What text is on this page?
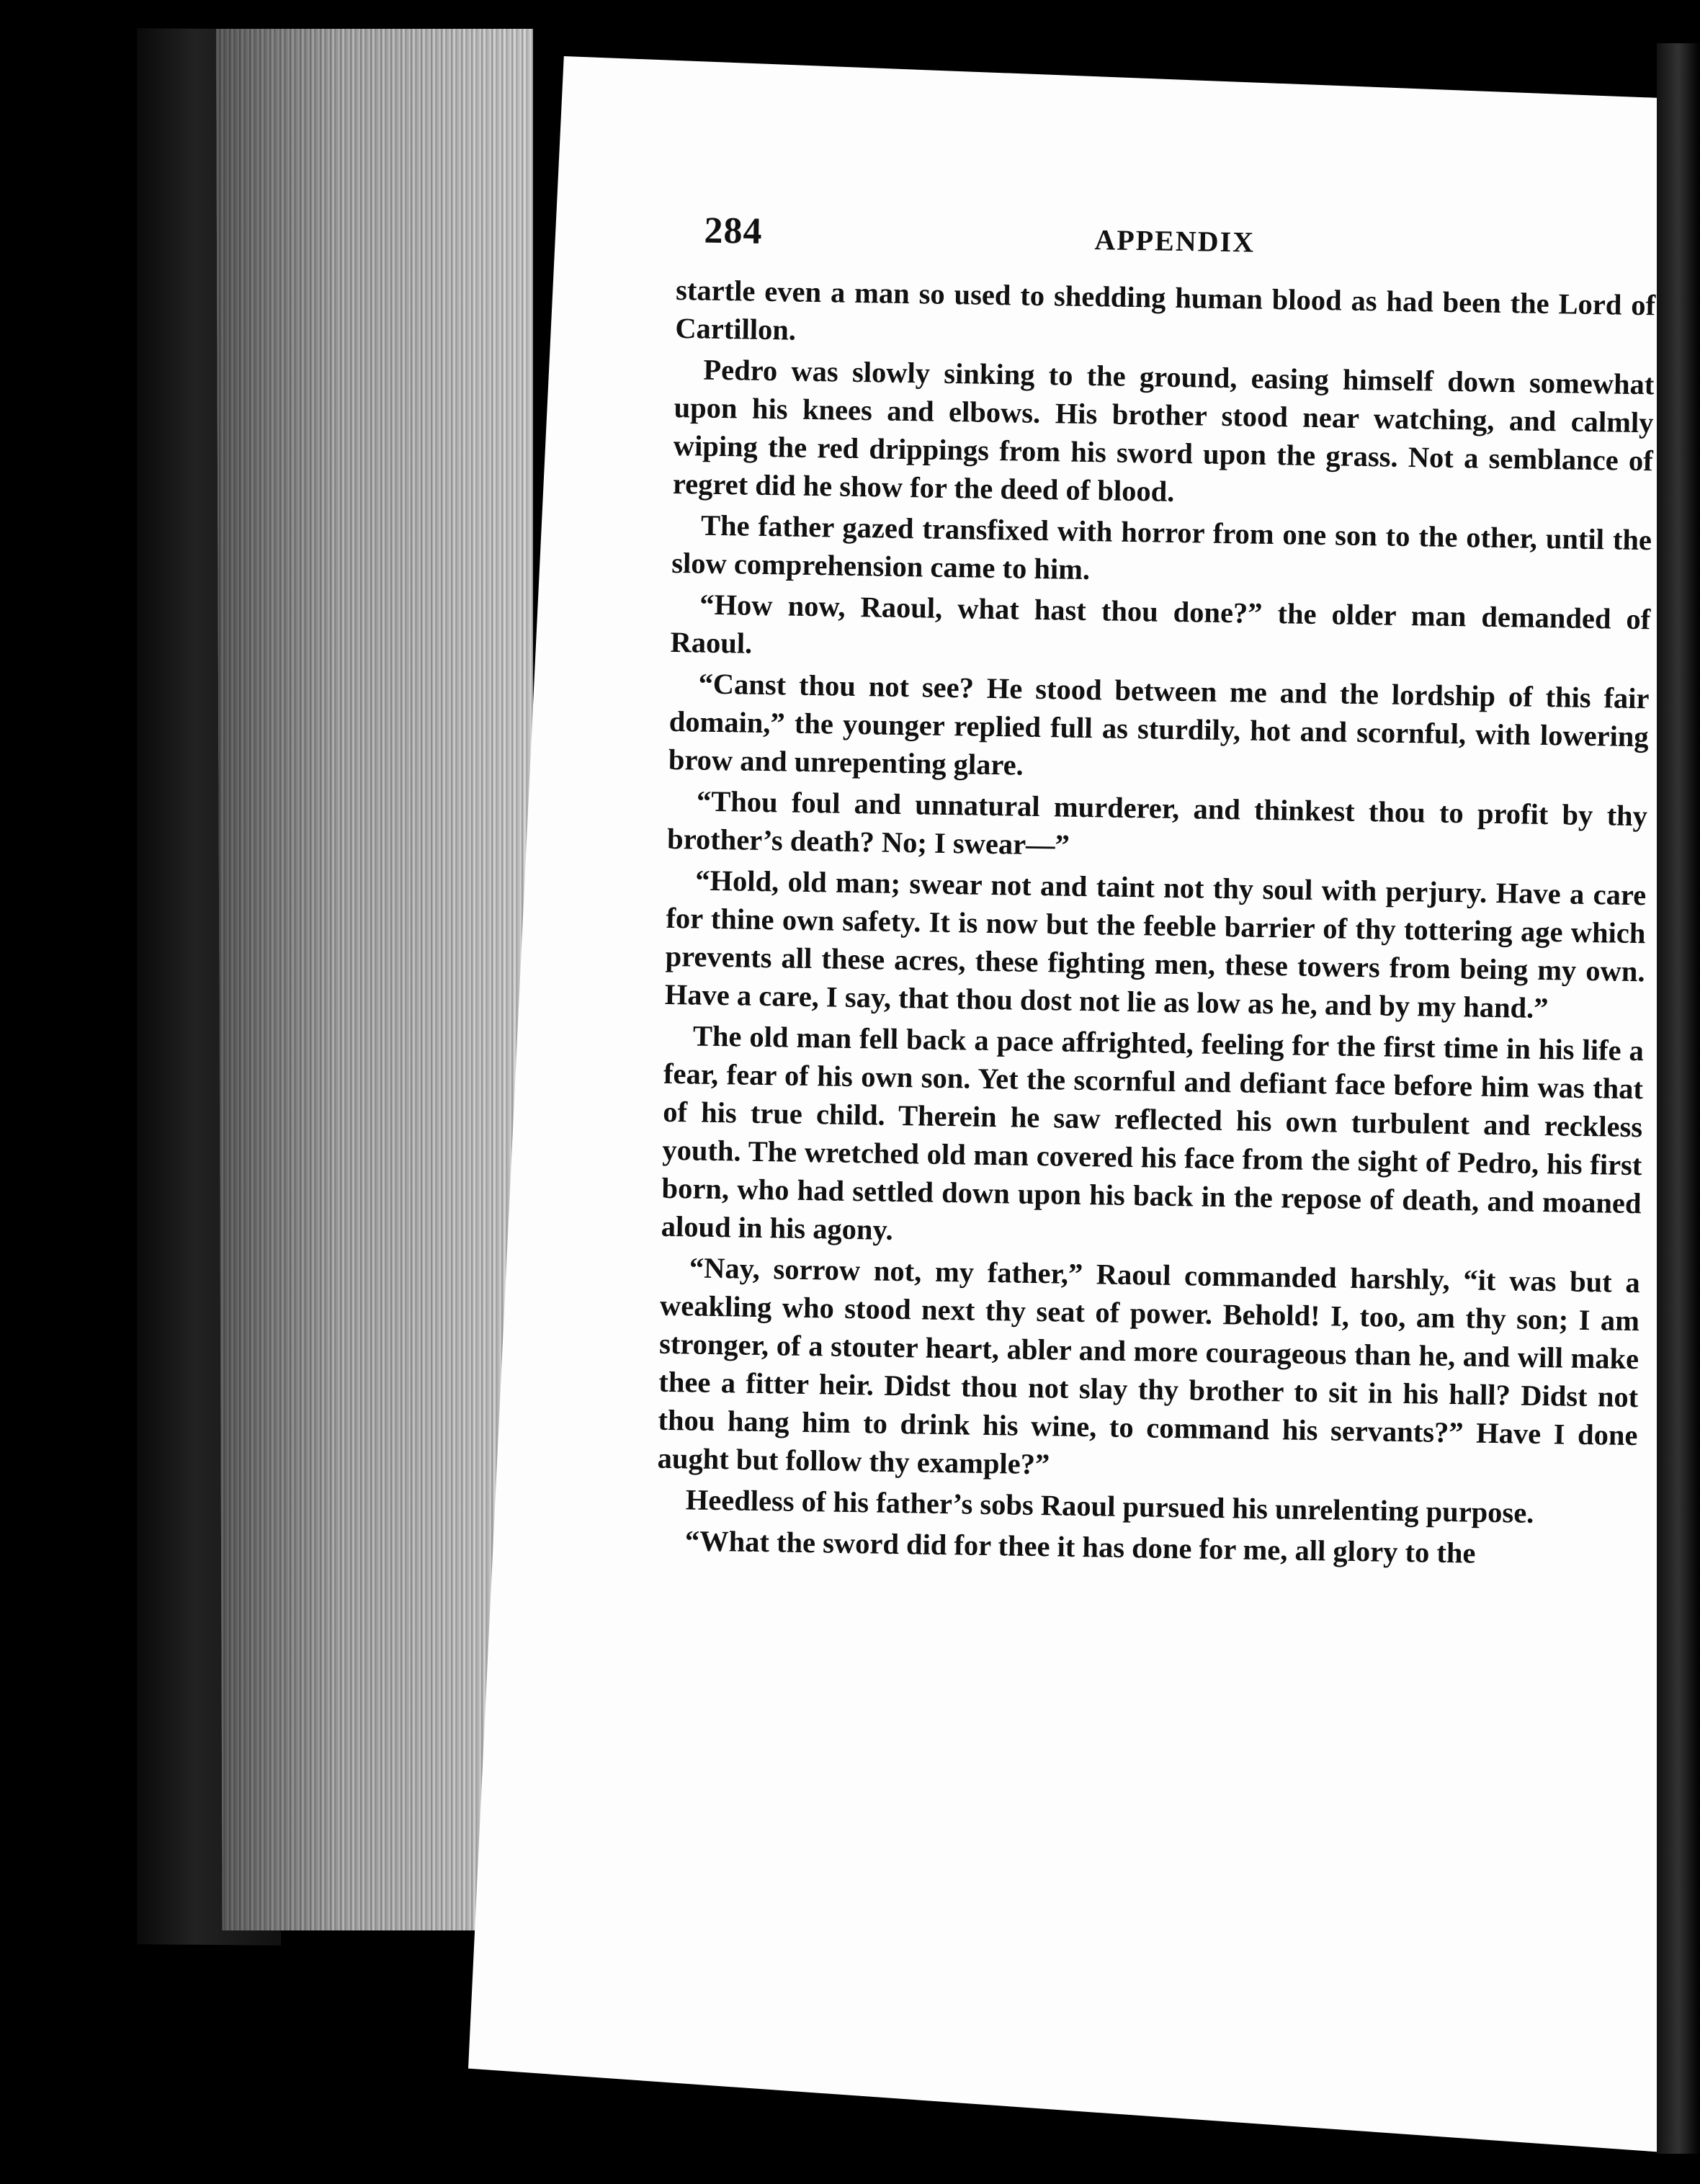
284	APPENDIX

startle even a man so used to shedding human blood as had been the Lord of Cartillon.

Pedro was slowly sinking to the ground, easing himself down somewhat upon his knees and elbows. His brother stood near watching, and calmly wiping the red drippings from his sword upon the grass. Not a semblance of regret did he show for the deed of blood.

The father gazed transfixed with horror from one son to the other, until the slow comprehension came to him.

“How now, Raoul, what hast thou done?” the older man demanded of Raoul.

“Canst thou not see? He stood between me and the lordship of this fair domain,” the younger replied full as sturdily, hot and scornful, with lowering brow and unrepenting glare.

“Thou foul and unnatural murderer, and thinkest thou to profit by thy brother’s death? No; I swear—”

“Hold, old man; swear not and taint not thy soul with perjury. Have a care for thine own safety. It is now but the feeble barrier of thy tottering age which prevents all these acres, these fighting men, these towers from being my own. Have a care, I say, that thou dost not lie as low as he, and by my hand.”

The old man fell back a pace affrighted, feeling for the first time in his life a fear, fear of his own son. Yet the scornful and defiant face before him was that of his true child. Therein he saw reflected his own turbulent and reckless youth. The wretched old man covered his face from the sight of Pedro, his first born, who had settled down upon his back in the repose of death, and moaned aloud in his agony.

“Nay, sorrow not, my father,” Raoul commanded harshly, “it was but a weakling who stood next thy seat of power. Behold! I, too, am thy son; I am stronger, of a stouter heart, abler and more courageous than he, and will make thee a fitter heir. Didst thou not slay thy brother to sit in his hall? Didst not thou hang him to drink his wine, to command his servants?” Have I done aught but follow thy example?”

Heedless of his father’s sobs Raoul pursued his unrelenting purpose.

“What the sword did for thee it has done for me, all glory to the
